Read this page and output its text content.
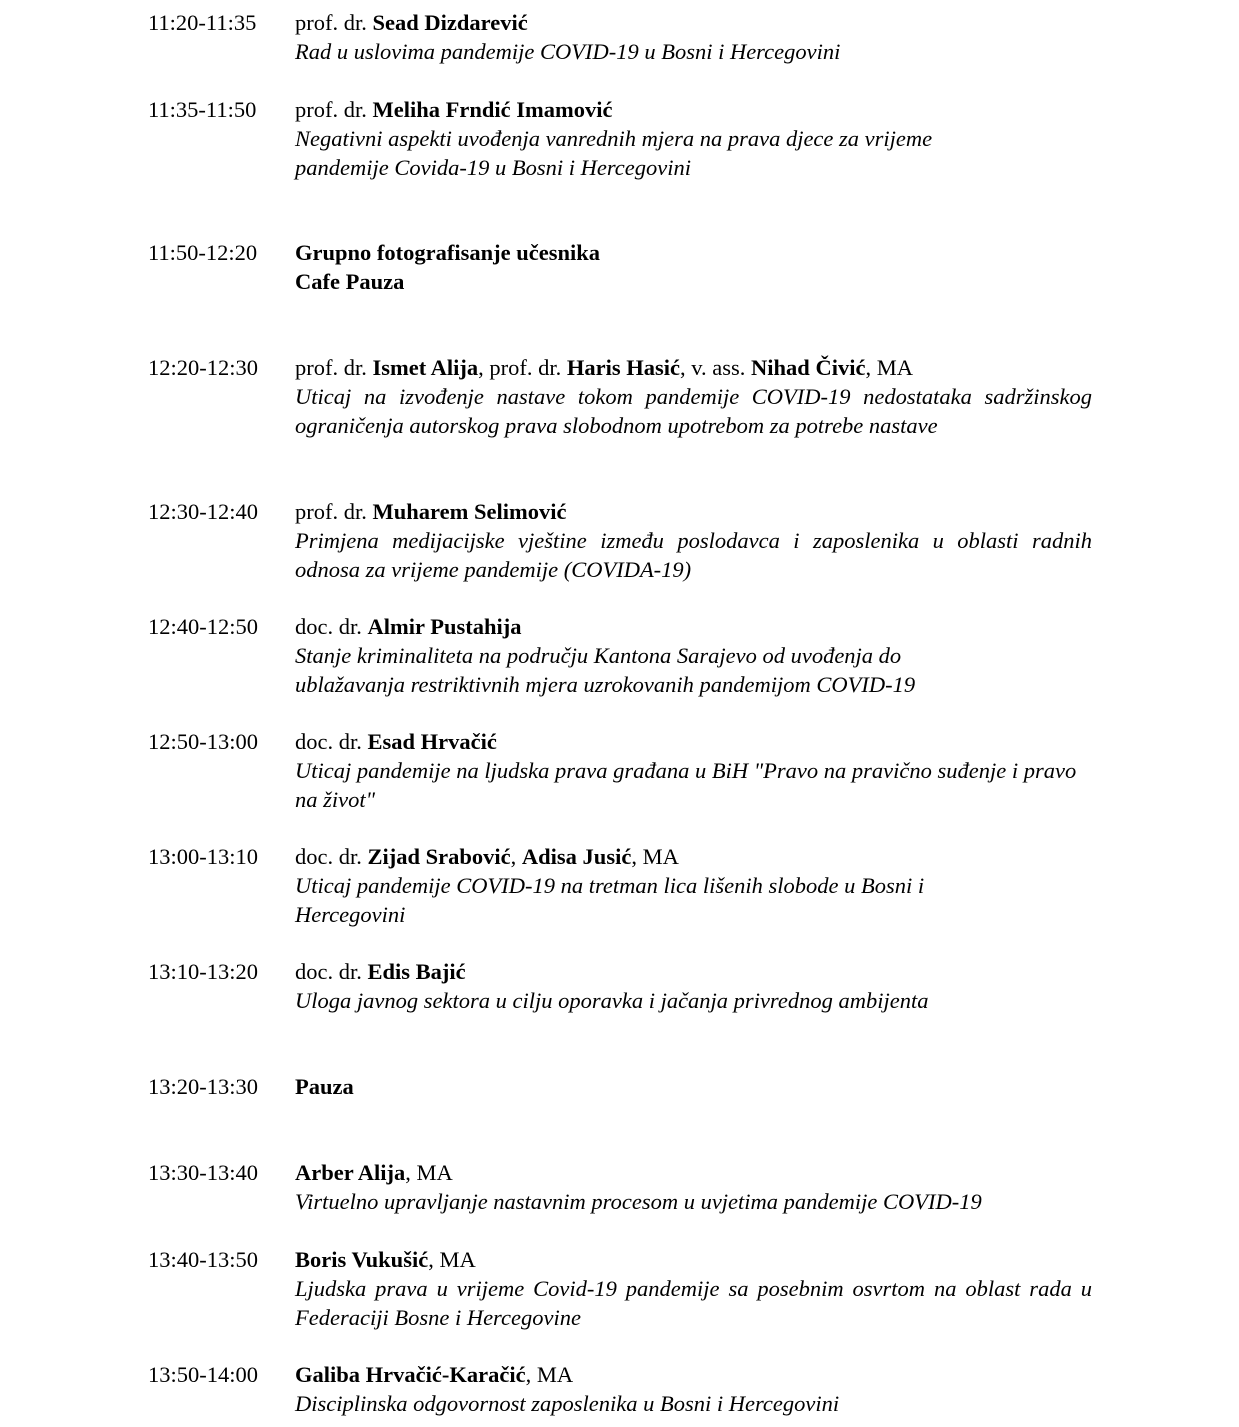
11:20-11:35 prof. dr. Sead Dizdarević
Rad u uslovima pandemije COVID-19 u Bosni i Hercegovini
11:35-11:50 prof. dr. Meliha Frndić Imamović
Negativni aspekti uvođenja vanrednih mjera na prava djece za vrijeme pandemije Covida-19 u Bosni i Hercegovini
11:50-12:20 Grupno fotografisanje učesnika
Cafe Pauza
12:20-12:30 prof. dr. Ismet Alija, prof. dr. Haris Hasić, v. ass. Nihad Čivić, MA
Uticaj na izvođenje nastave tokom pandemije COVID-19 nedostataka sadržinskog ograničenja autorskog prava slobodnom upotrebom za potrebe nastave
12:30-12:40 prof. dr. Muharem Selimović
Primjena medijacijske vještine između poslodavca i zaposlenika u oblasti radnih odnosa za vrijeme pandemije (COVIDA-19)
12:40-12:50 doc. dr. Almir Pustahija
Stanje kriminaliteta na području Kantona Sarajevo od uvođenja do ublažavanja restriktivnih mjera uzrokovanih pandemijom COVID-19
12:50-13:00 doc. dr. Esad Hrvačić
Uticaj pandemije na ljudska prava građana u BiH "Pravo na pravično suđenje i pravo na život"
13:00-13:10 doc. dr. Zijad Srabović, Adisa Jusić, MA
Uticaj pandemije COVID-19 na tretman lica lišenih slobode u Bosni i Hercegovini
13:10-13:20 doc. dr. Edis Bajić
Uloga javnog sektora u cilju oporavka i jačanja privrednog ambijenta
13:20-13:30 Pauza
13:30-13:40 Arber Alija, MA
Virtuelno upravljanje nastavnim procesom u uvjetima pandemije COVID-19
13:40-13:50 Boris Vukušić, MA
Ljudska prava u vrijeme Covid-19 pandemije sa posebnim osvrtom na oblast rada u Federaciji Bosne i Hercegovine
13:50-14:00 Galiba Hrvačić-Karačić, MA
Disciplinska odgovornost zaposlenika u Bosni i Hercegovini
